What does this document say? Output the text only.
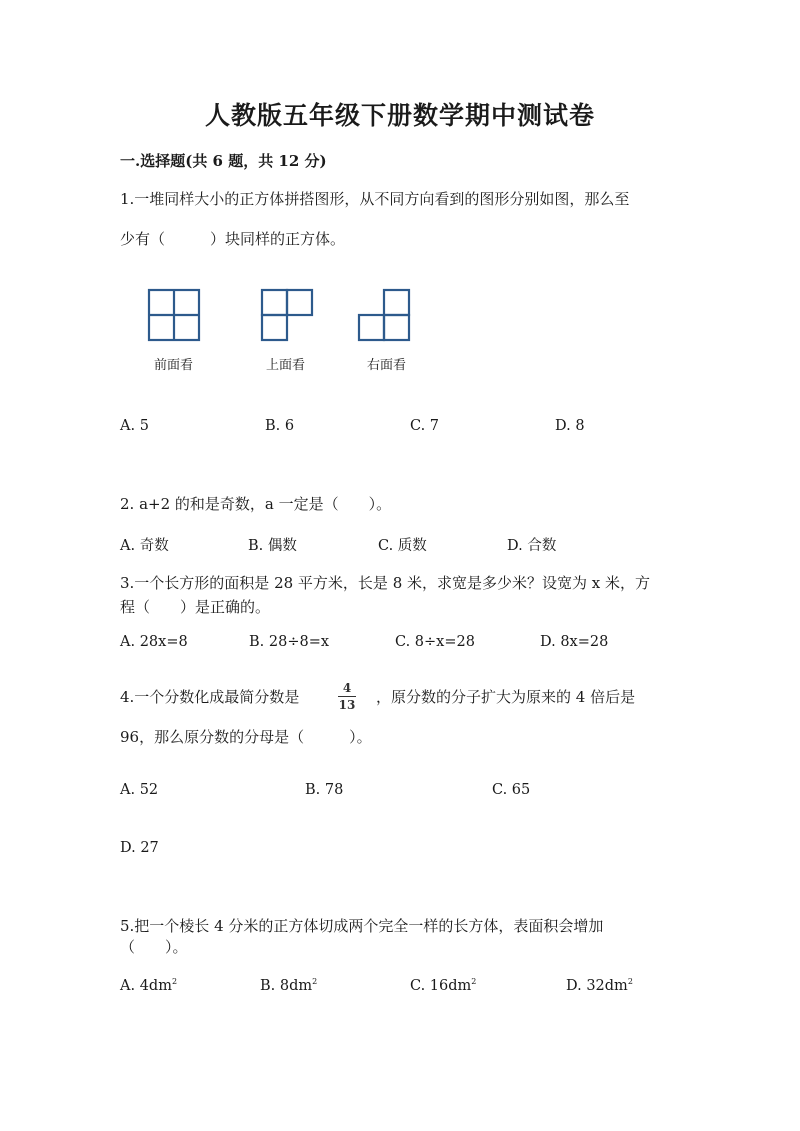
人教版五年级下册数学期中测试卷
一.选择题(共 6 题，共 12 分)
1.一堆同样大小的正方体拼搭图形，从不同方向看到的图形分别如图，那么至
少有（　　　）块同样的正方体。
前面看	上面看	右面看
A. 5	B. 6	C. 7	D. 8
2. a+2 的和是奇数，a 一定是（　　）。
A. 奇数	B. 偶数	C. 质数	D. 合数
3.一个长方形的面积是 28 平方米，长是 8 米，求宽是多少米？设宽为 x 米，方
程（　　）是正确的。
A. 28x=8	B. 28÷8=x	C. 8÷x=28	D. 8x=28
4.一个分数化成最简分数是	4
13 ，原分数的分子扩大为原来的 4 倍后是
96，那么原分数的分母是（　　　）。
A. 52	B. 78	C. 65
D. 27
5.把一个棱长 4 分米的正方体切成两个完全一样的长方体，表面积会增加
（　　）。
A. $4dm^2$	B. $8dm^2$	C. $16dm^2$	D. $32dm^2$
